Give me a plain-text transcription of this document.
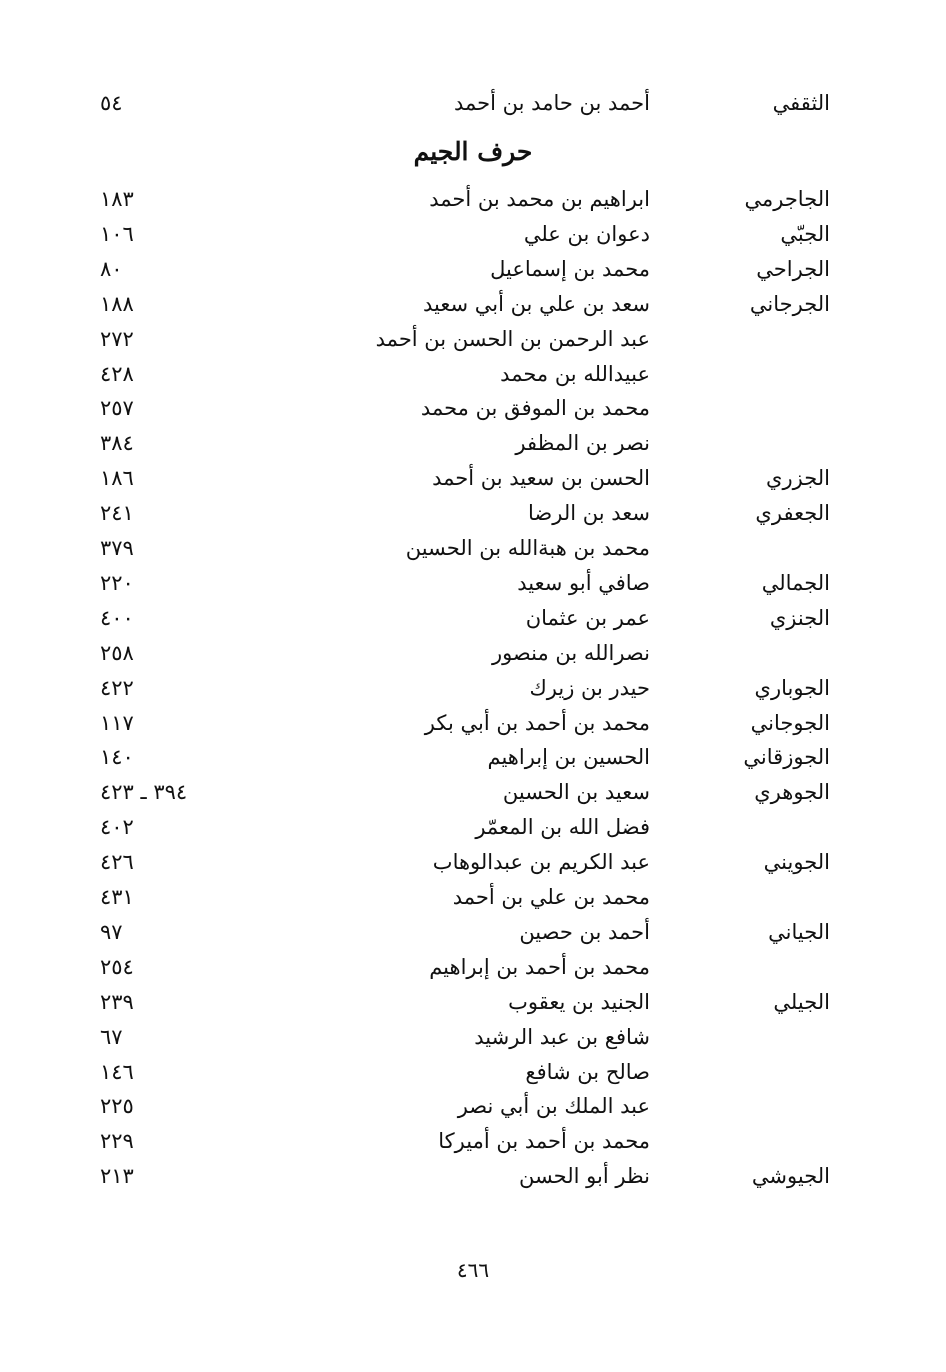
الثقفي
أحمد بن حامد بن أحمد
٥٤
حرف الجيم
الجاجرمي
ابراهيم بن محمد بن أحمد
١٨٣
الجبّي
دعوان بن علي
١٠٦
الجراحي
محمد بن إسماعيل
٨٠
الجرجاني
سعد بن علي بن أبي سعيد
١٨٨
عبد الرحمن بن الحسن بن أحمد
٢٧٢
عبيدالله بن محمد
٤٢٨
محمد بن الموفق بن محمد
٢٥٧
نصر بن المظفر
٣٨٤
الجزري
الحسن بن سعيد بن أحمد
١٨٦
الجعفري
سعد بن الرضا
٢٤١
محمد بن هبةالله بن الحسين
٣٧٩
الجمالي
صافي أبو سعيد
٢٢٠
الجنزي
عمر بن عثمان
٤٠٠
نصرالله بن منصور
٢٥٨
الجوباري
حيدر بن زيرك
٤٢٢
الجوجاني
محمد بن أحمد بن أبي بكر
١١٧
الجوزقاني
الحسين بن إبراهيم
١٤٠
الجوهري
سعيد بن الحسين
٣٩٤ ـ ٤٢٣
فضل الله بن المعمّر
٤٠٢
الجويني
عبد الكريم بن عبدالوهاب
٤٢٦
محمد بن علي بن أحمد
٤٣١
الجياني
أحمد بن حصين
٩٧
محمد بن أحمد بن إبراهيم
٢٥٤
الجيلي
الجنيد بن يعقوب
٢٣٩
شافع بن عبد الرشيد
٦٧
صالح بن شافع
١٤٦
عبد الملك بن أبي نصر
٢٢٥
محمد بن أحمد بن أميركا
٢٢٩
الجيوشي
نظر أبو الحسن
٢١٣
٤٦٦
